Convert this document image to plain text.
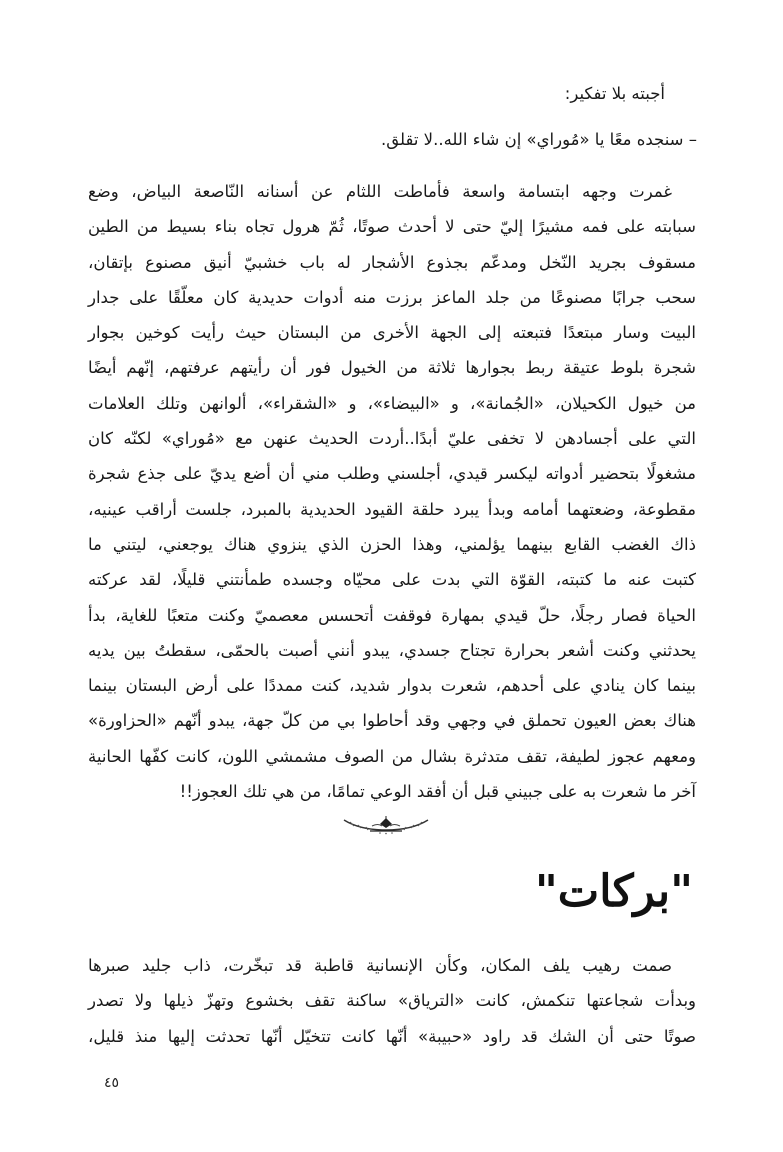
أجبته بلا تفكير:
– سنجده معًا يا «مُوراي» إن شاء الله..لا تقلق.
غمرت وجهه ابتسامة واسعة فأماطت اللثام عن أسنانه النّاصعة البياض، وضع
سبابته على فمه مشيرًا إليّ حتى لا أحدث صوتًا، ثُمّ هرول تجاه بناء بسيط من الطين
مسقوف بجريد النّخل ومدعّم بجذوع الأشجار له باب خشبيّ أنيق مصنوع بإتقان،
سحب جرابًا مصنوعًا من جلد الماعز برزت منه أدوات حديدية كان معلّقًا على جدار
البيت وسار مبتعدًا فتبعته إلى الجهة الأخرى من البستان حيث رأيت كوخين بجوار
شجرة بلوط عتيقة ربط بجوارها ثلاثة من الخيول فور أن رأيتهم عرفتهم، إنّهم أيضًا
من خيول الكحيلان، «الجُمانة»، و «البيضاء»، و «الشقراء»، ألوانهن وتلك العلامات
التي على أجسادهن لا تخفى عليّ أبدًا..أردت الحديث عنهن مع «مُوراي» لكنّه كان
مشغولًا بتحضير أدواته ليكسر قيدي، أجلسني وطلب مني أن أضع يديّ على جذع شجرة
مقطوعة، وضعتهما أمامه وبدأ يبرد حلقة القيود الحديدية بالمبرد، جلست أراقب عينيه،
ذاك الغضب القابع بينهما يؤلمني، وهذا الحزن الذي ينزوي هناك يوجعني، ليتني ما
كتبت عنه ما كتبته، القوّة التي بدت على محيّاه وجسده طمأنتني قليلًا، لقد عركته
الحياة فصار رجلًا، حلّ قيدي بمهارة فوقفت أتحسس معصميّ وكنت متعبًا للغاية، بدأ
يحدثني وكنت أشعر بحرارة تجتاح جسدي، يبدو أنني أصبت بالحمّى، سقطتُ بين يديه
بينما كان ينادي على أحدهم، شعرت بدوار شديد، كنت ممددًا على أرض البستان بينما
هناك بعض العيون تحملق في وجهي وقد أحاطوا بي من كلّ جهة، يبدو أنّهم «الحزاورة»
ومعهم عجوز لطيفة، تقف متدثرة بشال من الصوف مشمشي اللون، كانت كفّها الحانية
آخر ما شعرت به على جبيني قبل أن أفقد الوعي تمامًا، من هي تلك العجوز!!
"بركات"
صمت رهيب يلف المكان، وكأن الإنسانية قاطبة قد تبخّرت، ذاب جليد صبرها
وبدأت شجاعتها تنكمش، كانت «الترياق» ساكنة تقف بخشوع وتهزّ ذيلها ولا تصدر
صوتًا حتى أن الشك قد راود «حبيبة» أنّها كانت تتخيّل أنّها تحدثت إليها منذ قليل،
٤٥
